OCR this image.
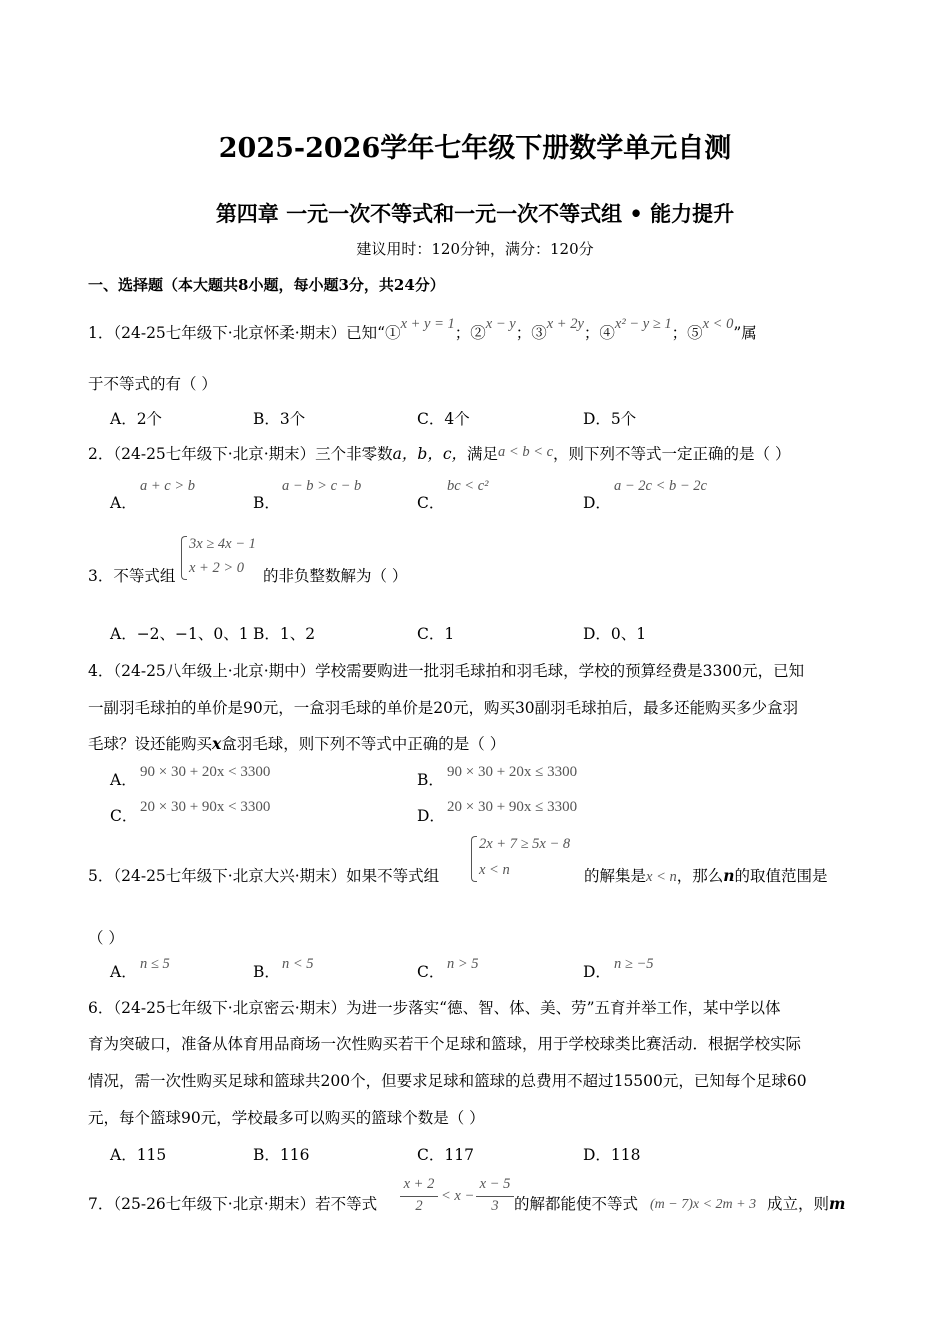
2025-2026学年七年级下册数学单元自测
第四章 一元一次不等式和一元一次不等式组 • 能力提升
建议用时：120分钟，满分：120分
一、选择题（本大题共8小题，每小题3分，共24分）
1．（24-25七年级下·北京怀柔·期末）已知“①x + y = 1；②x − y；③x + 2y；④x² − y ≥ 1；⑤x < 0”属
于不等式的有（ ）
A．2个	B．3个	C．4个	D．5个
2．（24-25七年级下·北京·期末）三个非零数a，b，c，满足a < b < c，则下列不等式一定正确的是（ ）
A．
a + c > b
B．
a − b > c − b
C．
bc < c²
D．
a − 2c < b − 2c
3．不等式组
3x ≥ 4x − 1
x + 2 > 0 的非负整数解为（ ）
A．−2、−1、0、1 B．1、2	C．1	D．0、1
4．（24-25八年级上·北京·期中）学校需要购进一批羽毛球拍和羽毛球，学校的预算经费是3300元，已知
一副羽毛球拍的单价是90元，一盒羽毛球的单价是20元，购买30副羽毛球拍后，最多还能购买多少盒羽
毛球？设还能购买x盒羽毛球，则下列不等式中正确的是（ ）
A． 90 × 30 + 20x < 3300	B． 90 × 30 + 20x ≤ 3300
C． 20 × 30 + 90x < 3300	D． 20 × 30 + 90x ≤ 3300
5．（24-25七年级下·北京大兴·期末）如果不等式组
2x + 7 ≥ 5x − 8
x < n	的解集是x < n，那么n的取值范围是
（ ）
A． n ≤ 5	B． n < 5	C． n > 5	D． n ≥ −5
6．（24-25七年级下·北京密云·期末）为进一步落实“德、智、体、美、劳”五育并举工作，某中学以体
育为突破口，准备从体育用品商场一次性购买若干个足球和篮球，用于学校球类比赛活动．根据学校实际
情况，需一次性购买足球和篮球共200个，但要求足球和篮球的总费用不超过15500元，已知每个足球60
元，每个篮球90元，学校最多可以购买的篮球个数是（ ）
A．115	B．116	C．117	D．118
7．（25-26七年级下·北京·期末）若不等式
x + 2
2
< x −
x − 5
3 的解都能使不等式 (m − 7)x < 2m + 3 成立，则m
